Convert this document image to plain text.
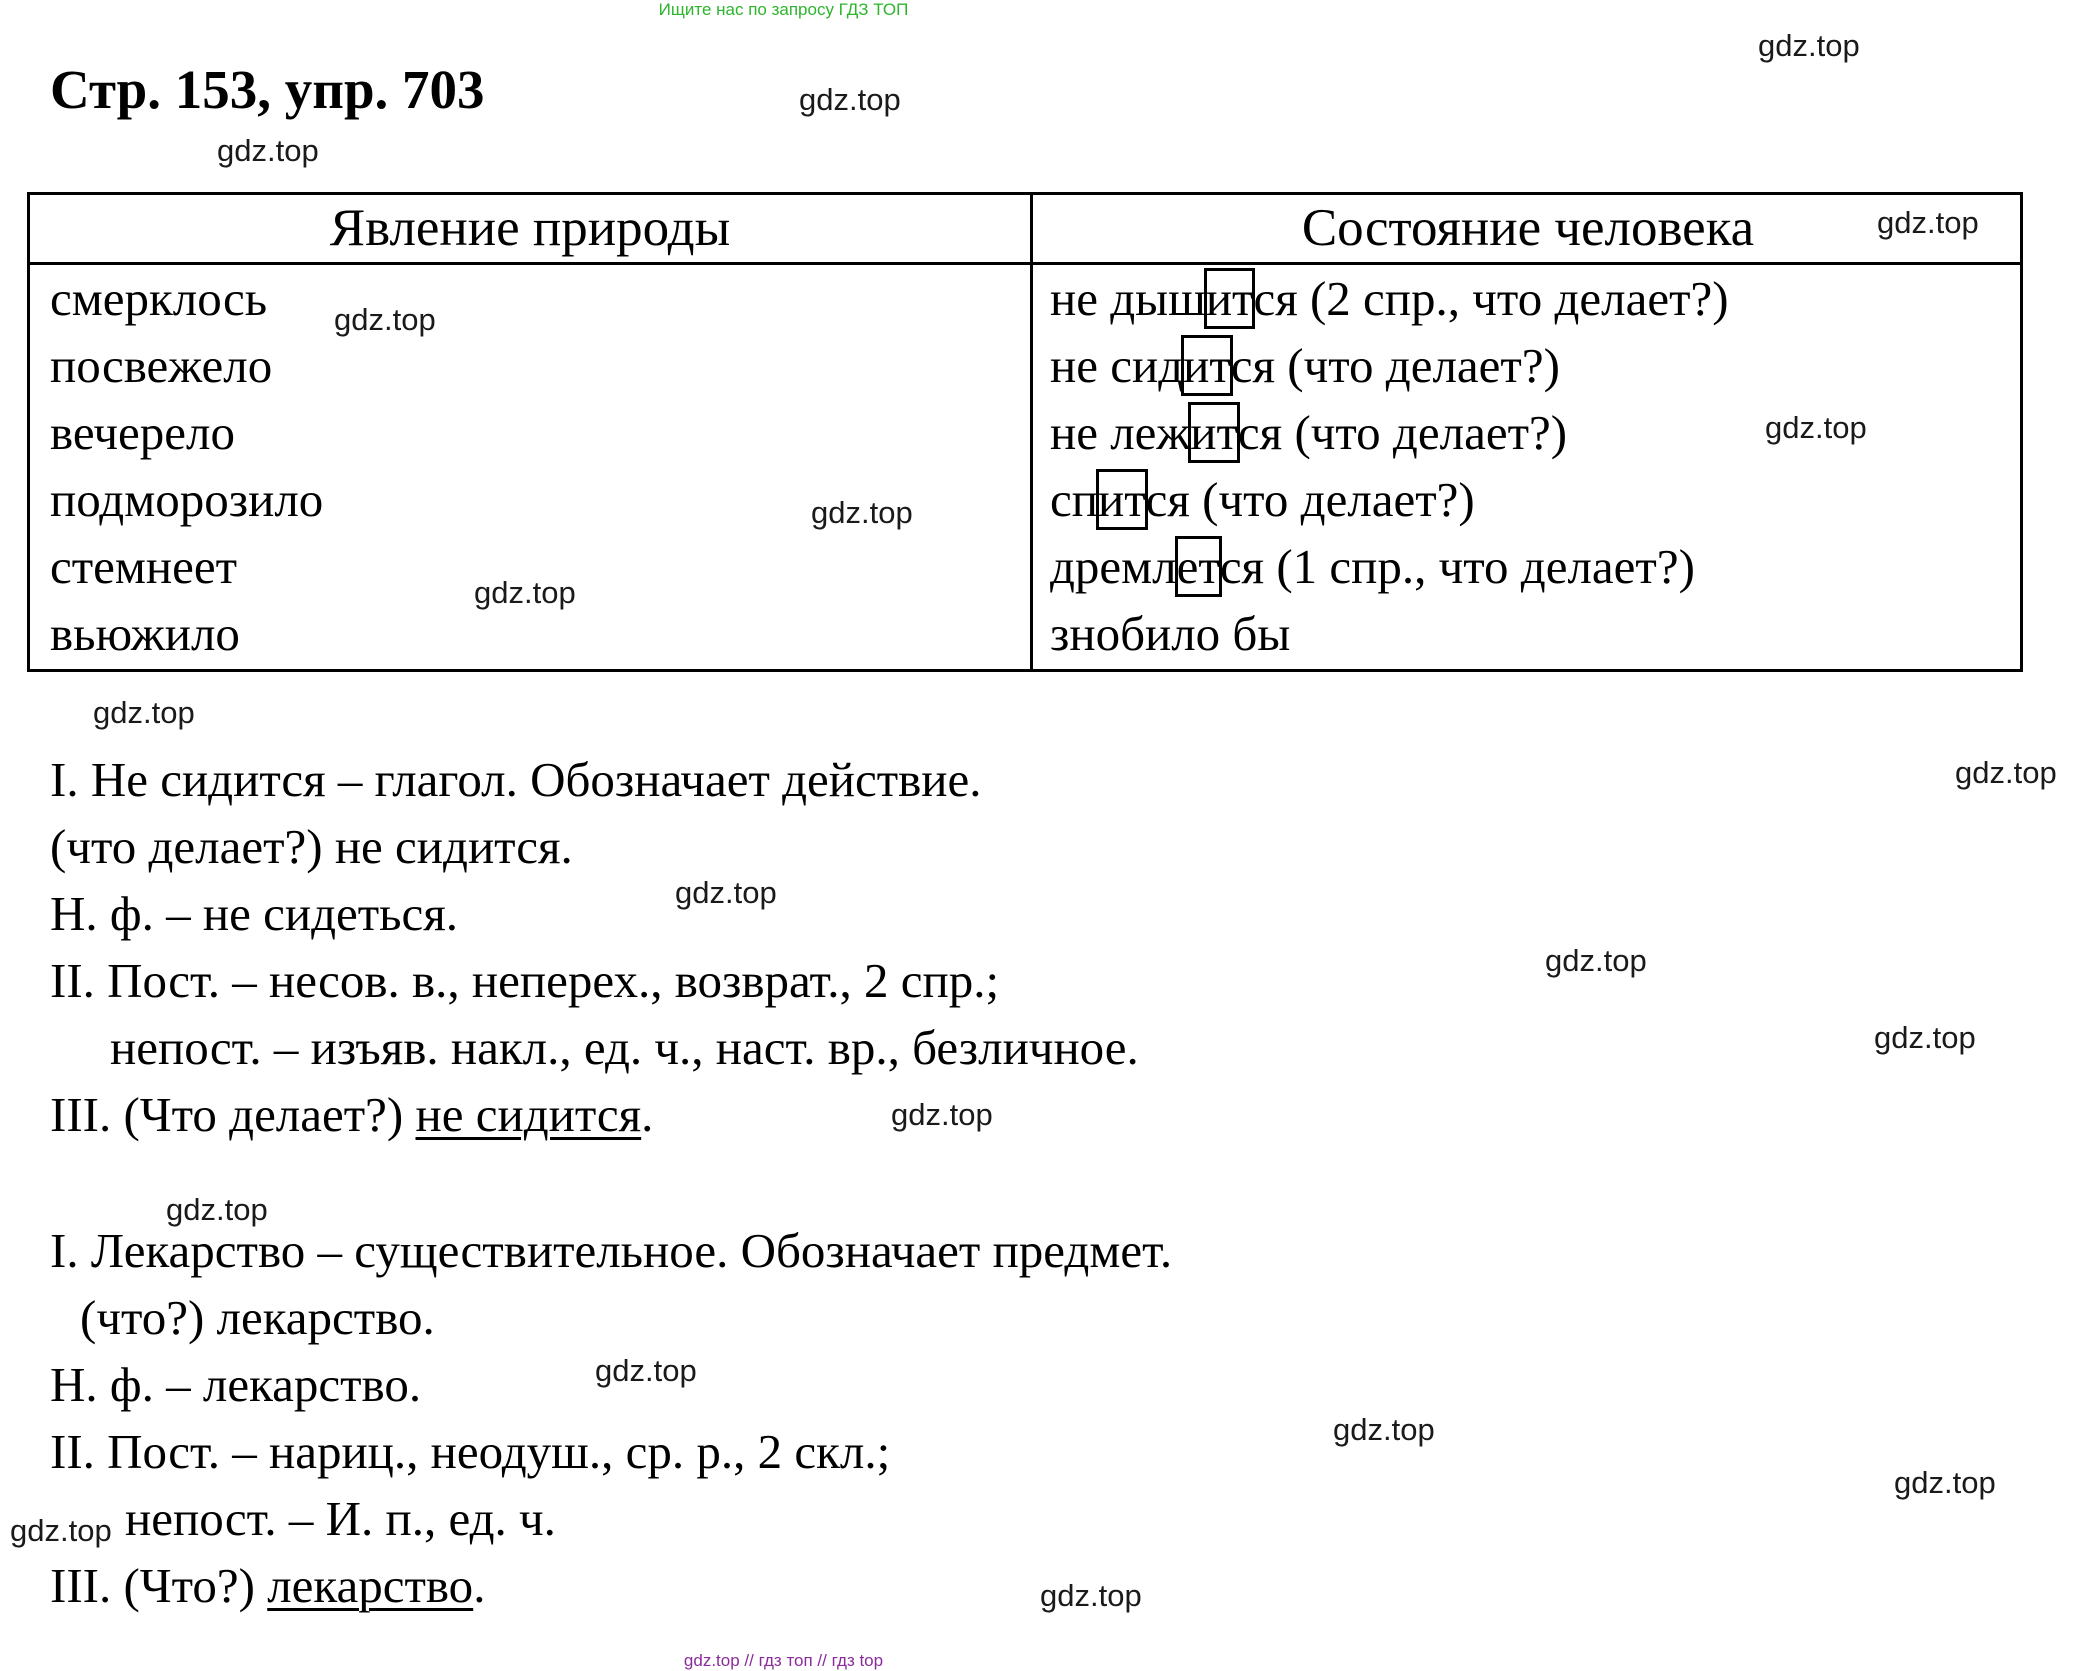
Ищите нас по запросу ГДЗ ТОП
Стр. 153, упр. 703
Явление природы	Состояние человека
смерклось
посвежело
вечерело
подморозило
стемнеет
вьюжило
не дышится (2 спр., что делает?)
не сидится (что делает?)
не лежится (что делает?)
спится (что делает?)
дремлется (1 спр., что делает?)
знобило бы
I. Не сидится – глагол. Обозначает действие.
(что делает?) не сидится.
Н. ф. – не сидеться.
II. Пост. – несов. в., неперех., возврат., 2 спр.;
непост. – изъяв. накл., ед. ч., наст. вр., безличное.
III. (Что делает?) не сидится.
I. Лекарство – существительное. Обозначает предмет.
(что?) лекарство.
Н. ф. – лекарство.
II. Пост. – нариц., неодуш., ср. р., 2 скл.;
непост. – И. п., ед. ч.
III. (Что?) лекарство.
gdz.top
gdz.top
gdz.top
gdz.top
gdz.top
gdz.top
gdz.top
gdz.top
gdz.top
gdz.top
gdz.top
gdz.top
gdz.top
gdz.top
gdz.top
gdz.top
gdz.top
gdz.top
gdz.top
gdz.top
gdz.top // гдз топ // гдз top
